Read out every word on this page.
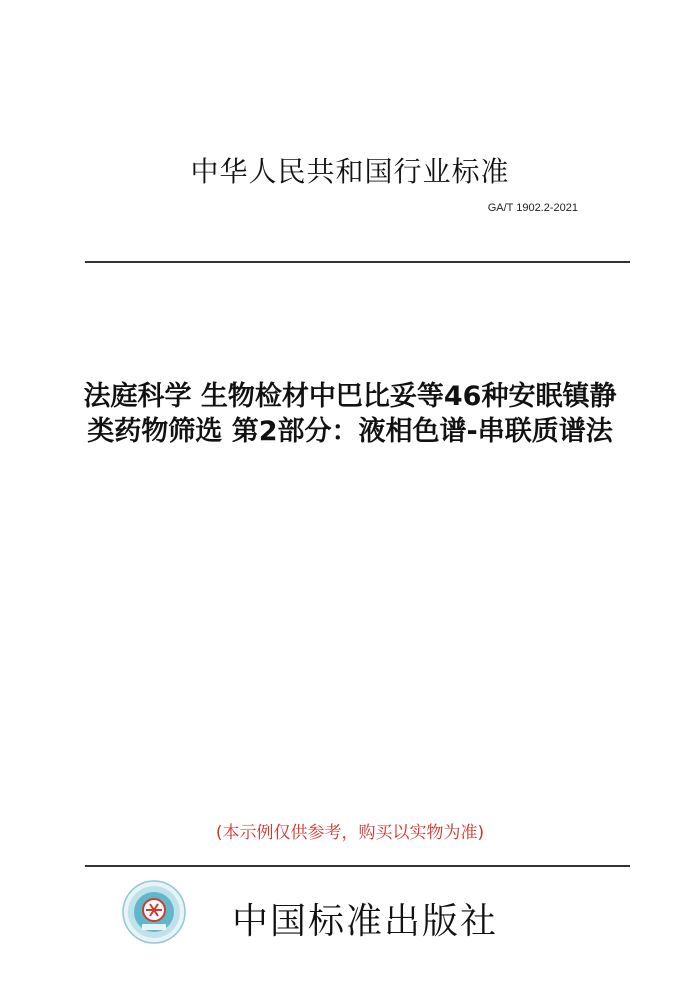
中华人民共和国行业标准
GA/T 1902.2-2021
法庭科学 生物检材中巴比妥等46种安眠镇静
类药物筛选 第2部分：液相色谱-串联质谱法
(本示例仅供参考，购买以实物为准)
中国标准出版社
